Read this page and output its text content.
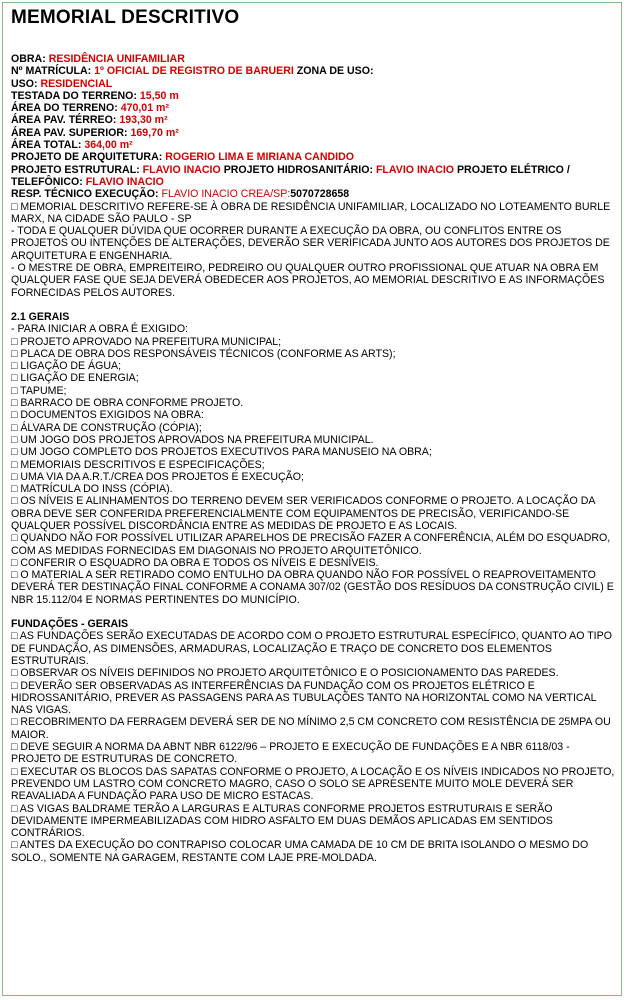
MEMORIAL DESCRITIVO

OBRA: RESIDÊNCIA UNIFAMILIAR

Nº MATRÍCULA: 1º OFICIAL DE REGISTRO DE BARUERI ZONA DE USO:

USO: RESIDENCIAL

TESTADA DO TERRENO: 15,50 m

ÁREA DO TERRENO: 470,01 m²

ÁREA PAV. TÉRREO: 193,30 m²

ÁREA PAV. SUPERIOR: 169,70 m²

ÁREA TOTAL: 364,00 m²

PROJETO DE ARQUITETURA: ROGERIO LIMA E MIRIANA CANDIDO

PROJETO ESTRUTURAL: FLAVIO INACIO PROJETO HIDROSANITÁRIO: FLAVIO INACIO PROJETO ELÉTRICO / TELEFÔNICO: FLAVIO INACIO

RESP. TÉCNICO EXECUÇÃO: FLAVIO INACIO CREA/SP:5070728658

□ MEMORIAL DESCRITIVO REFERE-SE À OBRA DE RESIDÊNCIA UNIFAMILIAR, LOCALIZADO NO LOTEAMENTO BURLE MARX, NA CIDADE SÃO PAULO - SP

- TODA E QUALQUER DÚVIDA QUE OCORRER DURANTE A EXECUÇÃO DA OBRA, OU CONFLITOS ENTRE OS PROJETOS OU INTENÇÕES DE ALTERAÇÕES, DEVERÃO SER VERIFICADA JUNTO AOS AUTORES DOS PROJETOS DE ARQUITETURA E ENGENHARIA.

- O MESTRE DE OBRA, EMPREITEIRO, PEDREIRO OU QUALQUER OUTRO PROFISSIONAL QUE ATUAR NA OBRA EM QUALQUER FASE QUE SEJA DEVERÁ OBEDECER AOS PROJETOS, AO MEMORIAL DESCRITIVO E AS INFORMAÇÕES FORNECIDAS PELOS AUTORES.

2.1 GERAIS

- PARA INICIAR A OBRA É EXIGIDO:

□ PROJETO APROVADO NA PREFEITURA MUNICIPAL;

□ PLACA DE OBRA DOS RESPONSÁVEIS TÉCNICOS (CONFORME AS ARTS);

□ LIGAÇÃO DE ÁGUA;

□ LIGAÇÃO DE ENERGIA;

□ TAPUME;

□ BARRACO DE OBRA CONFORME PROJETO.

□ DOCUMENTOS EXIGIDOS NA OBRA:

□ ÁLVARA DE CONSTRUÇÃO (CÓPIA);

□ UM JOGO DOS PROJETOS APROVADOS NA PREFEITURA MUNICIPAL.

□ UM JOGO COMPLETO DOS PROJETOS EXECUTIVOS PARA MANUSEIO NA OBRA;

□ MEMORIAIS DESCRITIVOS E ESPECIFICAÇÕES;

□ UMA VIA DA A.R.T./CREA DOS PROJETOS E EXECUÇÃO;

□ MATRÍCULA DO INSS (CÓPIA).

□ OS NÍVEIS E ALINHAMENTOS DO TERRENO DEVEM SER VERIFICADOS CONFORME O PROJETO. A LOCAÇÃO DA OBRA DEVE SER CONFERIDA PREFERENCIALMENTE COM EQUIPAMENTOS DE PRECISÃO, VERIFICANDO-SE QUALQUER POSSÍVEL DISCORDÂNCIA ENTRE AS MEDIDAS DE PROJETO E AS LOCAIS.

□ QUANDO NÃO FOR POSSÍVEL UTILIZAR APARELHOS DE PRECISÃO FAZER A CONFERÊNCIA, ALÉM DO ESQUADRO, COM AS MEDIDAS FORNECIDAS EM DIAGONAIS NO PROJETO ARQUITETÔNICO.

□ CONFERIR O ESQUADRO DA OBRA E TODOS OS NÍVEIS E DESNÍVEIS.

□ O MATERIAL A SER RETIRADO COMO ENTULHO DA OBRA QUANDO NÃO FOR POSSÍVEL O REAPROVEITAMENTO DEVERÁ TER DESTINAÇÃO FINAL CONFORME A CONAMA 307/02 (GESTÃO DOS RESÍDUOS DA CONSTRUÇÃO CIVIL) E NBR 15.112/04 E NORMAS PERTINENTES DO MUNICÍPIO.

FUNDAÇÕES - GERAIS

□ AS FUNDAÇÕES SERÃO EXECUTADAS DE ACORDO COM O PROJETO ESTRUTURAL ESPECÍFICO, QUANTO AO TIPO DE FUNDAÇÃO, AS DIMENSÕES, ARMADURAS, LOCALIZAÇÃO E TRAÇO DE CONCRETO DOS ELEMENTOS ESTRUTURAIS.

□ OBSERVAR OS NÍVEIS DEFINIDOS NO PROJETO ARQUITETÔNICO E O POSICIONAMENTO DAS PAREDES.

□ DEVERÃO SER OBSERVADAS AS INTERFERÊNCIAS DA FUNDAÇÃO COM OS PROJETOS ELÉTRICO E HIDROSSANITÁRIO, PREVER AS PASSAGENS PARA AS TUBULAÇÕES TANTO NA HORIZONTAL COMO NA VERTICAL NAS VIGAS.

□ RECOBRIMENTO DA FERRAGEM DEVERÁ SER DE NO MÍNIMO 2,5 CM CONCRETO COM RESISTÊNCIA DE 25MPA OU MAIOR.

□ DEVE SEGUIR A NORMA DA ABNT NBR 6122/96 – PROJETO E EXECUÇÃO DE FUNDAÇÕES E A NBR 6118/03 - PROJETO DE ESTRUTURAS DE CONCRETO.

□ EXECUTAR OS BLOCOS DAS SAPATAS CONFORME O PROJETO, A LOCAÇÃO E OS NÍVEIS INDICADOS NO PROJETO, PREVENDO UM LASTRO COM CONCRETO MAGRO, CASO O SOLO SE APRESENTE MUITO MOLE DEVERÁ SER REAVALIADA A FUNDAÇÃO PARA USO DE MICRO ESTACAS.

□ AS VIGAS BALDRAME TERÃO A LARGURAS E ALTURAS CONFORME PROJETOS ESTRUTURAIS E SERÃO DEVIDAMENTE IMPERMEABILIZADAS COM HIDRO ASFALTO EM DUAS DEMÃOS APLICADAS EM SENTIDOS CONTRÁRIOS.

□ ANTES DA EXECUÇÃO DO CONTRAPISO COLOCAR UMA CAMADA DE 10 CM DE BRITA ISOLANDO O MESMO DO SOLO., SOMENTE NA GARAGEM, RESTANTE COM LAJE PRE-MOLDADA.
